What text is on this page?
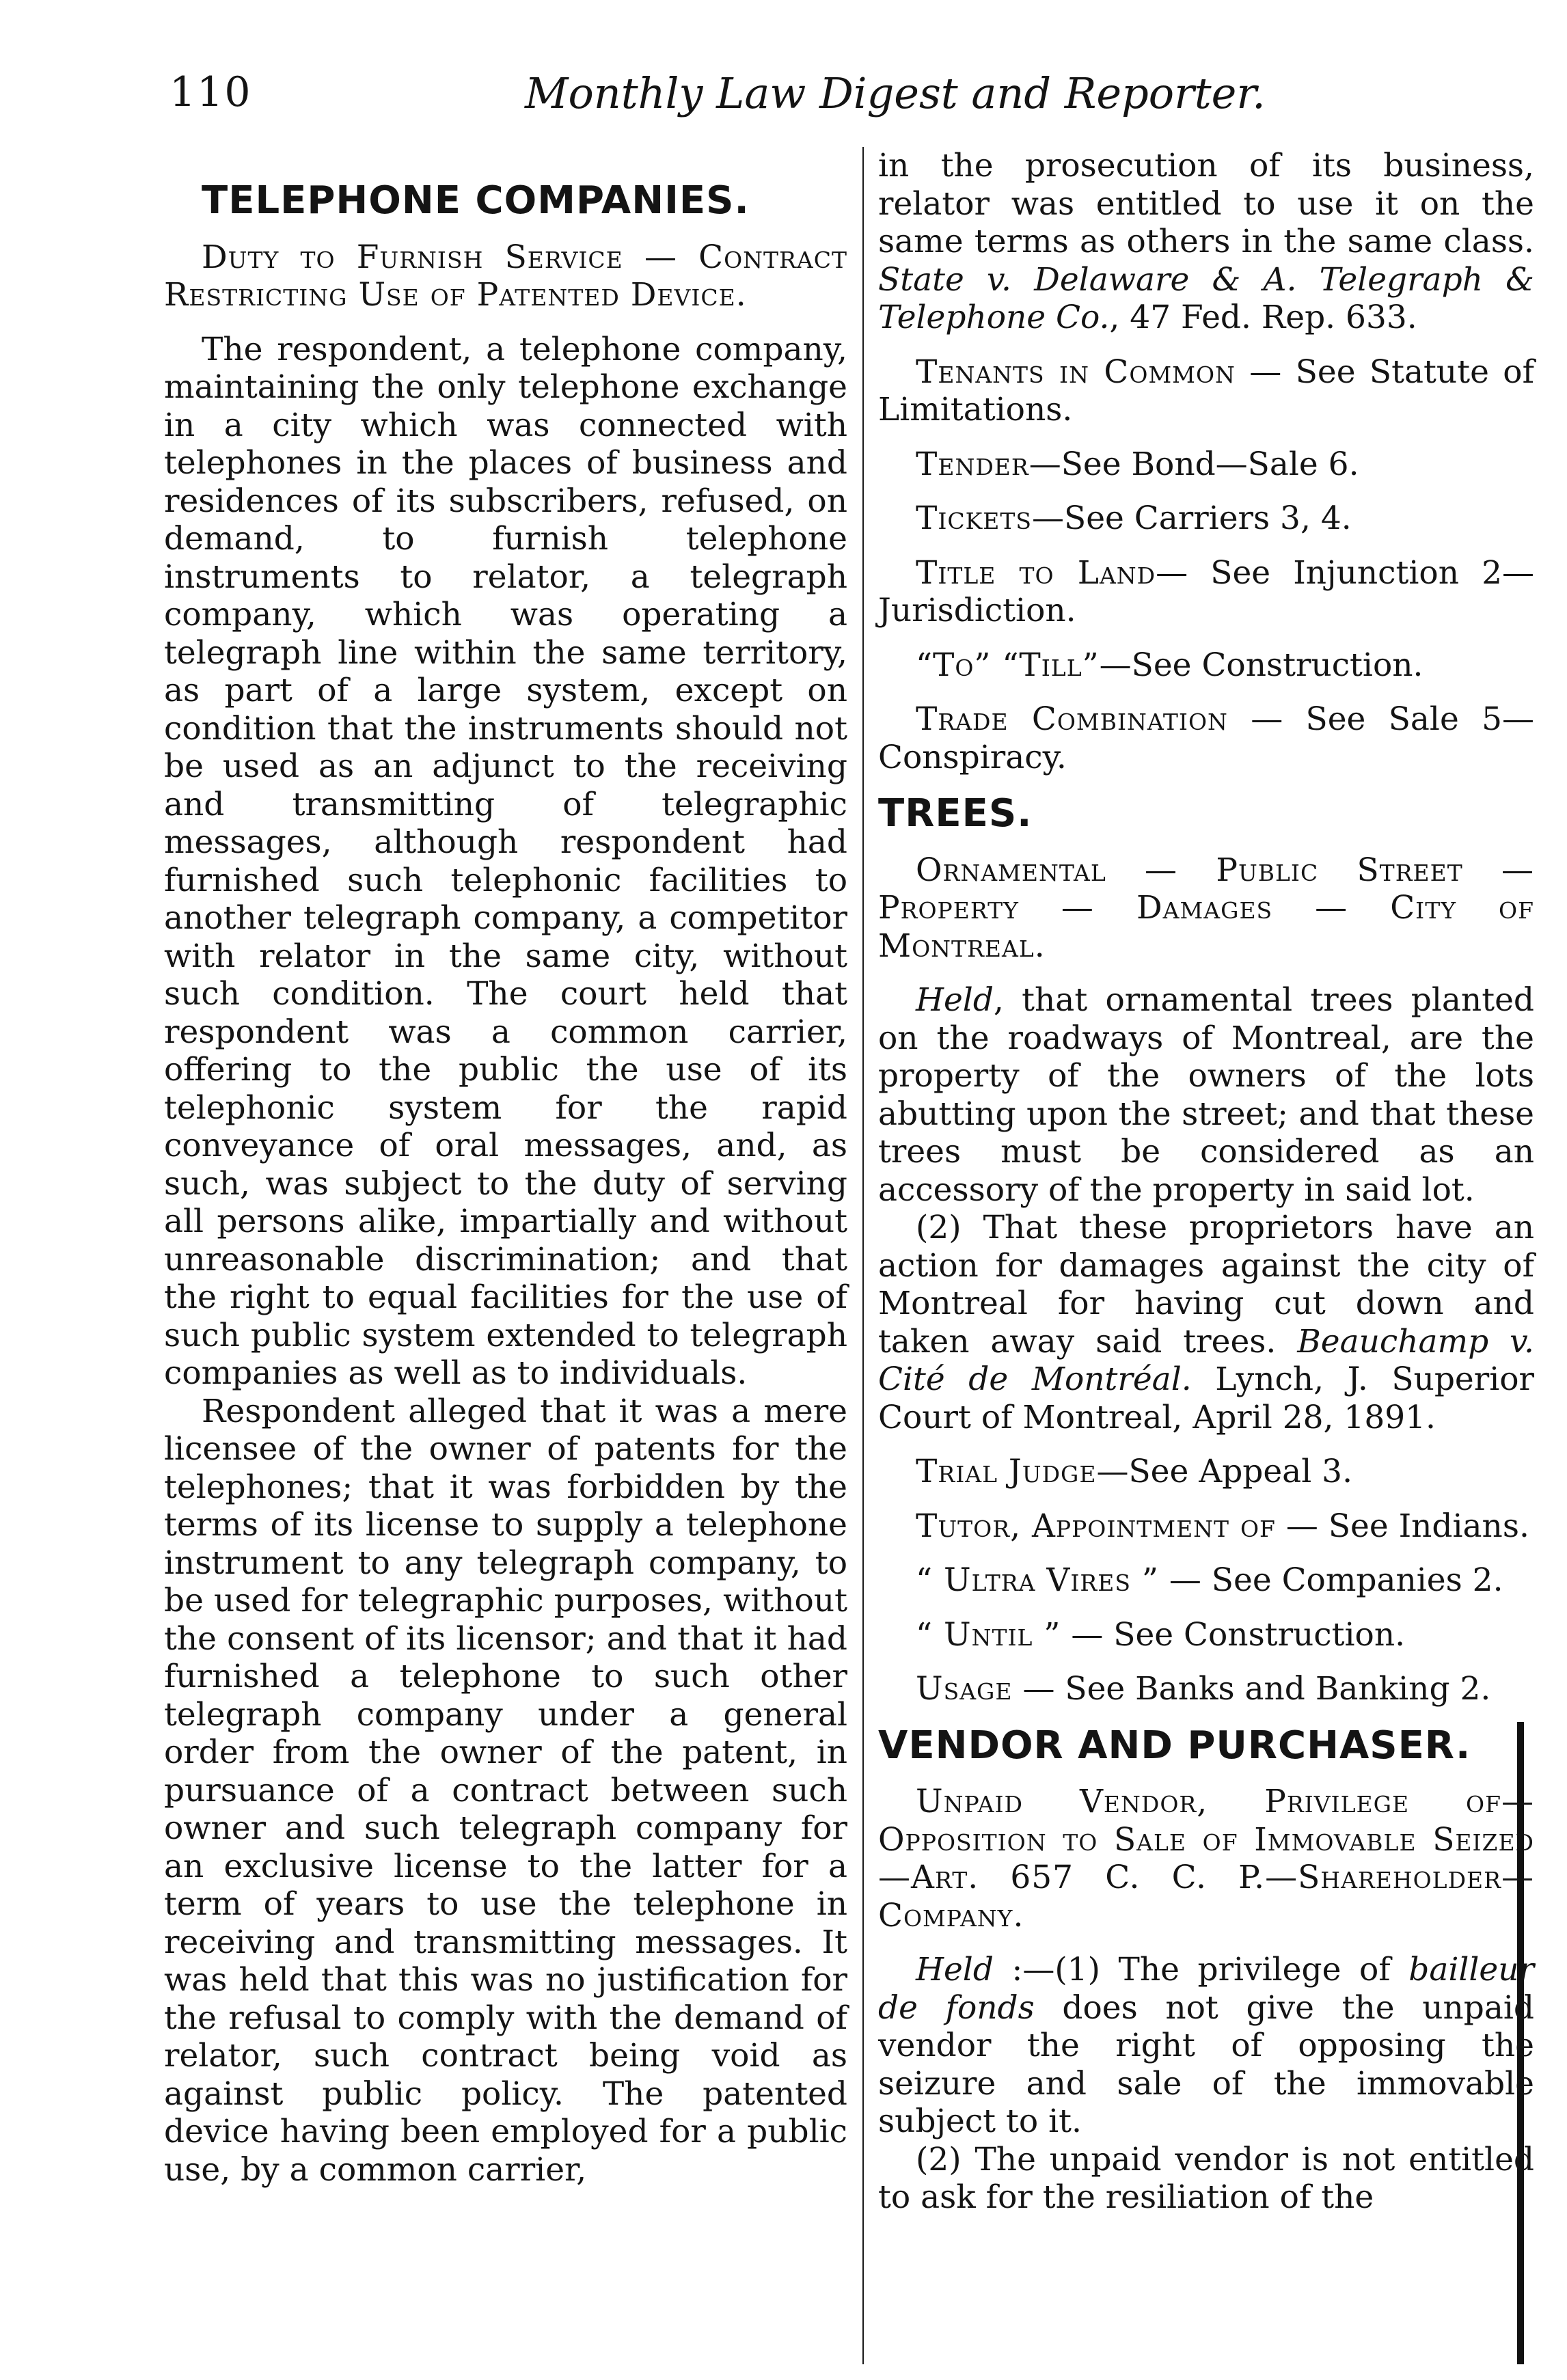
110	Monthly Law Digest and Reporter.
TELEPHONE COMPANIES.

Duty to Furnish Service — Contract Restricting Use of Patented Device.

The respondent, a telephone company, maintaining the only telephone exchange in a city which was connected with telephones in the places of business and residences of its subscribers, refused, on demand, to furnish telephone instruments to relator, a telegraph company, which was operating a telegraph line within the same territory, as part of a large system, except on condition that the instruments should not be used as an adjunct to the receiving and transmitting of telegraphic messages, although respondent had furnished such telephonic facilities to another telegraph company, a competitor with relator in the same city, without such condition. The court held that respondent was a common carrier, offering to the public the use of its telephonic system for the rapid conveyance of oral messages, and, as such, was subject to the duty of serving all persons alike, impartially and without unreasonable discrimination; and that the right to equal facilities for the use of such public system extended to telegraph companies as well as to individuals.

Respondent alleged that it was a mere licensee of the owner of patents for the telephones; that it was forbidden by the terms of its license to supply a telephone instrument to any telegraph company, to be used for telegraphic purposes, without the consent of its licensor; and that it had furnished a telephone to such other telegraph company under a general order from the owner of the patent, in pursuance of a contract between such owner and such telegraph company for an exclusive license to the latter for a term of years to use the telephone in receiving and transmitting messages. It was held that this was no justification for the refusal to comply with the demand of relator, such contract being void as against public policy. The patented device having been employed for a public use, by a common carrier,

in the prosecution of its business, relator was entitled to use it on the same terms as others in the same class. State v. Delaware & A. Telegraph & Telephone Co., 47 Fed. Rep. 633.

Tenants in Common — See Statute of Limitations.

Tender—See Bond—Sale 6.

Tickets—See Carriers 3, 4.

Title to Land— See Injunction 2—Jurisdiction.

“To” “Till”—See Construction.

Trade Combination — See Sale 5—Conspiracy.

TREES.

Ornamental — Public Street — Property — Damages — City of Montreal.

Held, that ornamental trees planted on the roadways of Montreal, are the property of the owners of the lots abutting upon the street; and that these trees must be considered as an accessory of the property in said lot.

(2) That these proprietors have an action for damages against the city of Montreal for having cut down and taken away said trees. Beauchamp v. Cité de Montréal. Lynch, J. Superior Court of Montreal, April 28, 1891.

Trial Judge—See Appeal 3.

Tutor, Appointment of — See Indians.

“ Ultra Vires ” — See Companies 2.

“ Until ” — See Construction.

Usage — See Banks and Banking 2.

VENDOR AND PURCHASER.

Unpaid Vendor, Privilege of—Opposition to Sale of Immovable Seized—Art. 657 C. C. P.—Shareholder—Company.

Held :—(1) The privilege of bailleur de fonds does not give the unpaid vendor the right of opposing the seizure and sale of the immovable subject to it.

(2) The unpaid vendor is not entitled to ask for the resiliation of the
